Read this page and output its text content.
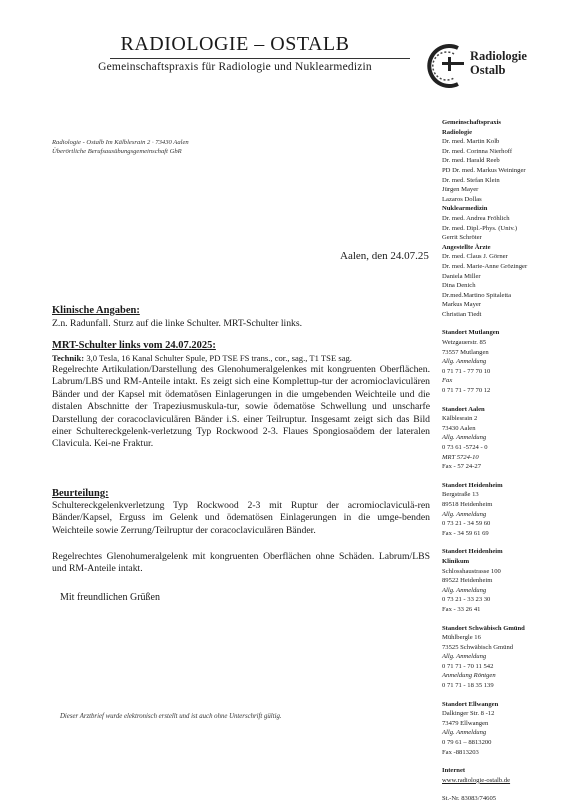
RADIOLOGIE – OSTALB
Gemeinschaftspraxis für Radiologie und Nuklearmedizin
Radiologie
Ostalb
Radiologie - Ostalb Im Kälblesrain 2 · 73430 Aalen
Überörtliche Berufsausübungsgemeinschaft GbR
Aalen, den 24.07.25
Klinische Angaben:
Z.n. Radunfall. Sturz auf die linke Schulter. MRT-Schulter links.
MRT-Schulter links vom 24.07.2025:
Technik: 3,0 Tesla, 16 Kanal Schulter Spule, PD TSE FS trans., cor., sag., T1 TSE sag.
Regelrechte Artikulation/Darstellung des Glenohumeralgelenkes mit kongruenten Oberflächen. Labrum/LBS und RM-Anteile intakt. Es zeigt sich eine Komplettup-tur der acromioclaviculären Bänder und der Kapsel mit ödematösen Einlagerungen in die umgebenden Weichteile und die distalen Abschnitte der Trapeziusmuskula-tur, sowie ödematöse Schwellung und unscharfe Darstellung der coracoclaviculären Bänder i.S. einer Teilruptur. Insgesamt zeigt sich das Bild einer Schultereckgelenk-verletzung Typ Rockwood 2-3. Flaues Spongiosaödem der lateralen Clavicula. Kei-ne Fraktur.
Beurteilung:
Schultereckgelenkverletzung Typ Rockwood 2-3 mit Ruptur der acromioclaviculä-ren Bänder/Kapsel, Erguss im Gelenk und ödematösen Einlagerungen in die umge-benden Weichteile sowie Zerrung/Teilruptur der coracoclaviculären Bänder.
Regelrechtes Glenohumeralgelenk mit kongruenten Oberflächen ohne Schäden. Labrum/LBS und RM-Anteile intakt.
Mit freundlichen Grüßen
Dieser Arztbrief wurde elektronisch erstellt und ist auch ohne Unterschrift gültig.
Gemeinschaftspraxis
Radiologie
Dr. med. Martin Kolb
Dr. med. Corinna Nierhoff
Dr. med. Harald Reeb
PD Dr. med. Markus Weininger
Dr. med. Stefan Klein
Jürgen Mayer
Lazaros Dollas
Nuklearmedizin
Dr. med. Andrea Fröhlich
Dr. med. Dipl.-Phys. (Univ.)
Gerrit Schröter
Angestellte Ärzte
Dr. med. Claus J. Görner
Dr. med. Marie-Anne Grözinger
Daniela Miller
Dina Denich
Dr.med.Martino Spitaletta
Markus Mayer
Christian Tiedt
Standort Mutlangen
Wetzgauerstr. 85
73557 Mutlangen
Allg. Anmeldung
0 71 71 - 77 70 10
Fax
0 71 71 - 77 70 12
Standort Aalen
Kälblesrain 2
73430 Aalen
Allg. Anmeldung
0 73 61 -5724 - 0
MRT 5724-10
Fax - 57 24-27
Standort Heidenheim
Bergstraße 13
89518 Heidenheim
Allg. Anmeldung
0 73 21 - 34 59 60
Fax - 34 59 61 69
Standort Heidenheim
Klinikum
Schlosshaustrasse 100
89522 Heidenheim
Allg. Anmeldung
0 73 21 - 33 23 30
Fax - 33 26 41
Standort Schwäbisch Gmünd
Mühlbergle 16
73525 Schwäbisch Gmünd
Allg. Anmeldung
0 71 71 - 70 11 542
Anmeldung Röntgen
0 71 71 - 18 35 139
Standort Ellwangen
Dalkinger Str. 8 -12
73479 Ellwangen
Allg. Anmeldung
0 79 61 – 8813200
Fax -8813203
Internet
www.radiologie-ostalb.de
St.-Nr. 83083/74605
